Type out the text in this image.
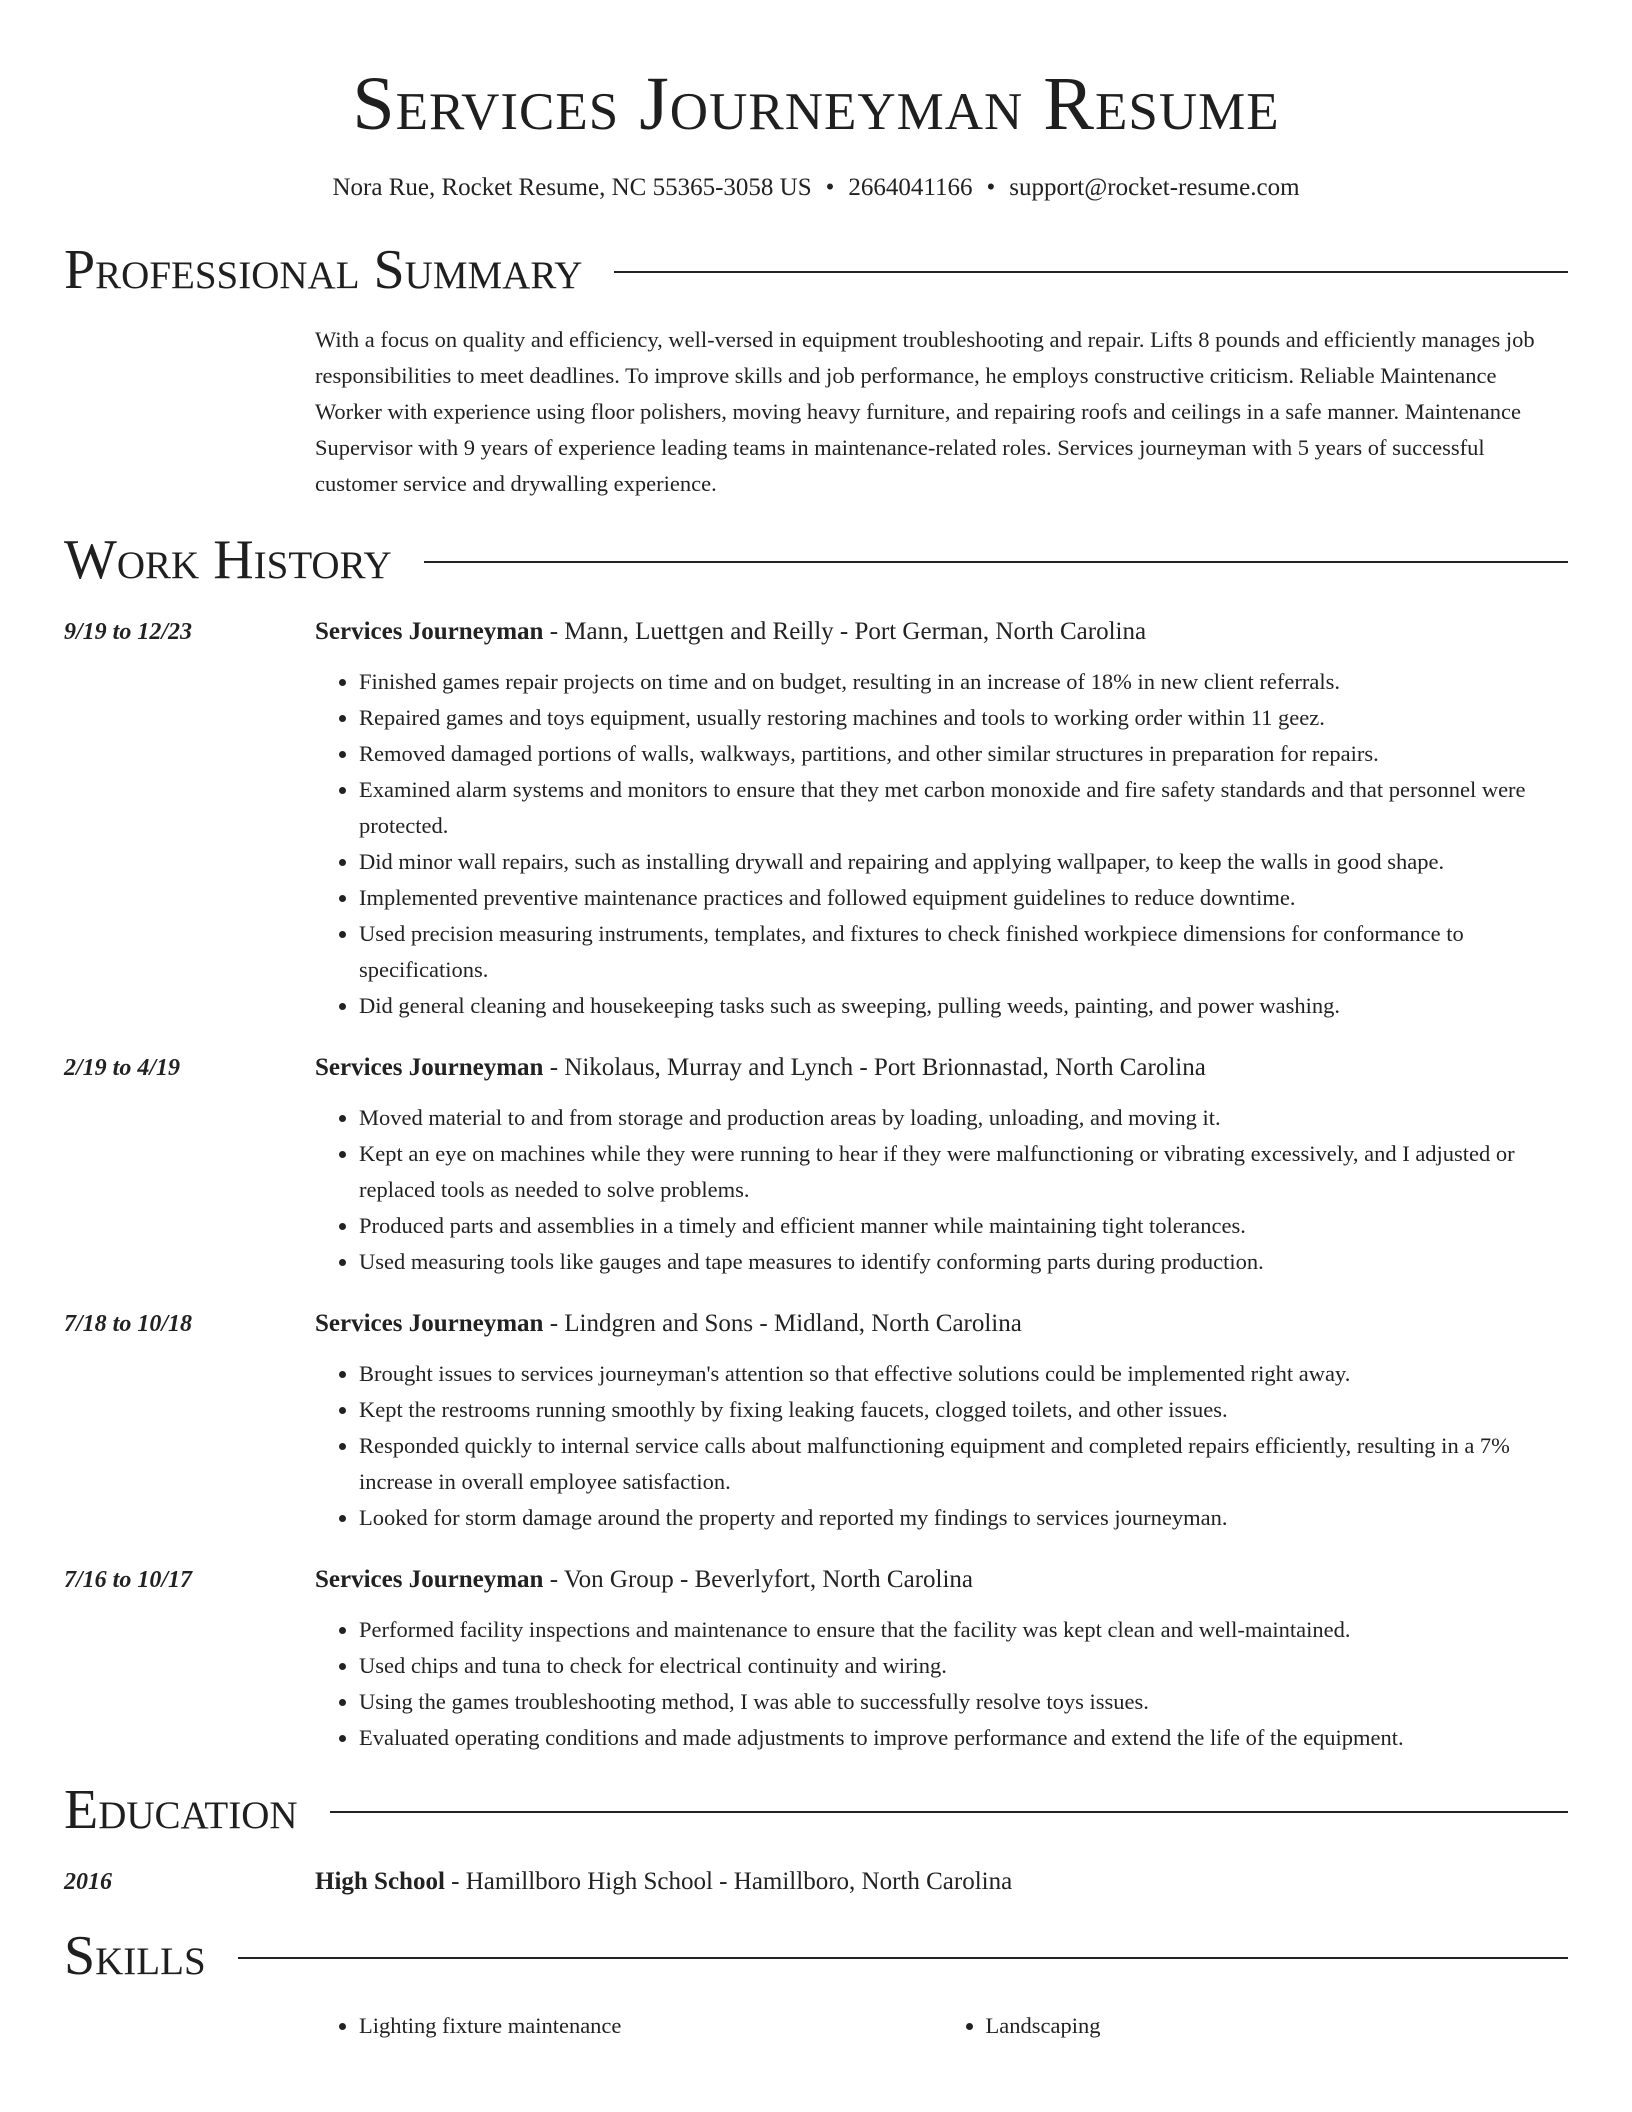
Services Journeyman Resume
Nora Rue, Rocket Resume, NC 55365-3058 US • 2664041166 • support@rocket-resume.com
Professional Summary
With a focus on quality and efficiency, well-versed in equipment troubleshooting and repair. Lifts 8 pounds and efficiently manages job responsibilities to meet deadlines. To improve skills and job performance, he employs constructive criticism. Reliable Maintenance Worker with experience using floor polishers, moving heavy furniture, and repairing roofs and ceilings in a safe manner. Maintenance Supervisor with 9 years of experience leading teams in maintenance-related roles. Services journeyman with 5 years of successful customer service and drywalling experience.
Work History
9/19 to 12/23	Services Journeyman - Mann, Luettgen and Reilly - Port German, North Carolina
• Finished games repair projects on time and on budget, resulting in an increase of 18% in new client referrals.
• Repaired games and toys equipment, usually restoring machines and tools to working order within 11 geez.
• Removed damaged portions of walls, walkways, partitions, and other similar structures in preparation for repairs.
• Examined alarm systems and monitors to ensure that they met carbon monoxide and fire safety standards and that personnel were protected.
• Did minor wall repairs, such as installing drywall and repairing and applying wallpaper, to keep the walls in good shape.
• Implemented preventive maintenance practices and followed equipment guidelines to reduce downtime.
• Used precision measuring instruments, templates, and fixtures to check finished workpiece dimensions for conformance to specifications.
• Did general cleaning and housekeeping tasks such as sweeping, pulling weeds, painting, and power washing.
2/19 to 4/19	Services Journeyman - Nikolaus, Murray and Lynch - Port Brionnastad, North Carolina
• Moved material to and from storage and production areas by loading, unloading, and moving it.
• Kept an eye on machines while they were running to hear if they were malfunctioning or vibrating excessively, and I adjusted or replaced tools as needed to solve problems.
• Produced parts and assemblies in a timely and efficient manner while maintaining tight tolerances.
• Used measuring tools like gauges and tape measures to identify conforming parts during production.
7/18 to 10/18	Services Journeyman - Lindgren and Sons - Midland, North Carolina
• Brought issues to services journeyman's attention so that effective solutions could be implemented right away.
• Kept the restrooms running smoothly by fixing leaking faucets, clogged toilets, and other issues.
• Responded quickly to internal service calls about malfunctioning equipment and completed repairs efficiently, resulting in a 7% increase in overall employee satisfaction.
• Looked for storm damage around the property and reported my findings to services journeyman.
7/16 to 10/17	Services Journeyman - Von Group - Beverlyfort, North Carolina
• Performed facility inspections and maintenance to ensure that the facility was kept clean and well-maintained.
• Used chips and tuna to check for electrical continuity and wiring.
• Using the games troubleshooting method, I was able to successfully resolve toys issues.
• Evaluated operating conditions and made adjustments to improve performance and extend the life of the equipment.
Education
2016	High School - Hamillboro High School - Hamillboro, North Carolina
Skills
• Lighting fixture maintenance
•	Landscaping
